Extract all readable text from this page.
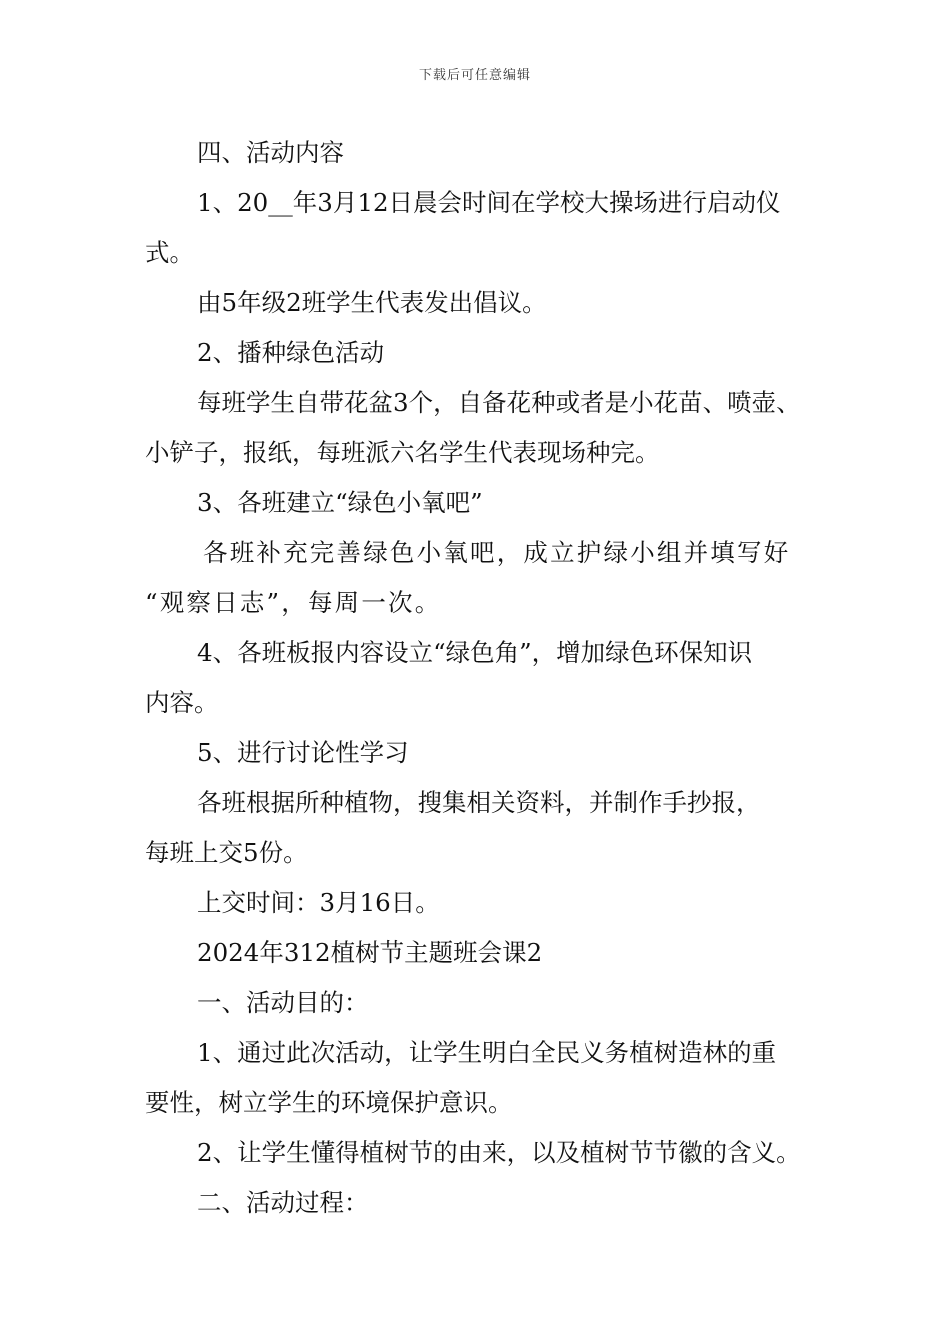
下载后可任意编辑
四、活动内容
1、20__年3月12日晨会时间在学校大操场进行启动仪
式。
由5年级2班学生代表发出倡议。
2、播种绿色活动
每班学生自带花盆3个，自备花种或者是小花苗、喷壶、
小铲子，报纸，每班派六名学生代表现场种完。
3、各班建立“绿色小氧吧”
各班补充完善绿色小氧吧，成立护绿小组并填写好
“观察日志”，每周一次。
4、各班板报内容设立“绿色角”，增加绿色环保知识
内容。
5、进行讨论性学习
各班根据所种植物，搜集相关资料，并制作手抄报，
每班上交5份。
上交时间：3月16日。
2024年312植树节主题班会课2
一、活动目的：
1、通过此次活动，让学生明白全民义务植树造林的重
要性，树立学生的环境保护意识。
2、让学生懂得植树节的由来，以及植树节节徽的含义。
二、活动过程：
